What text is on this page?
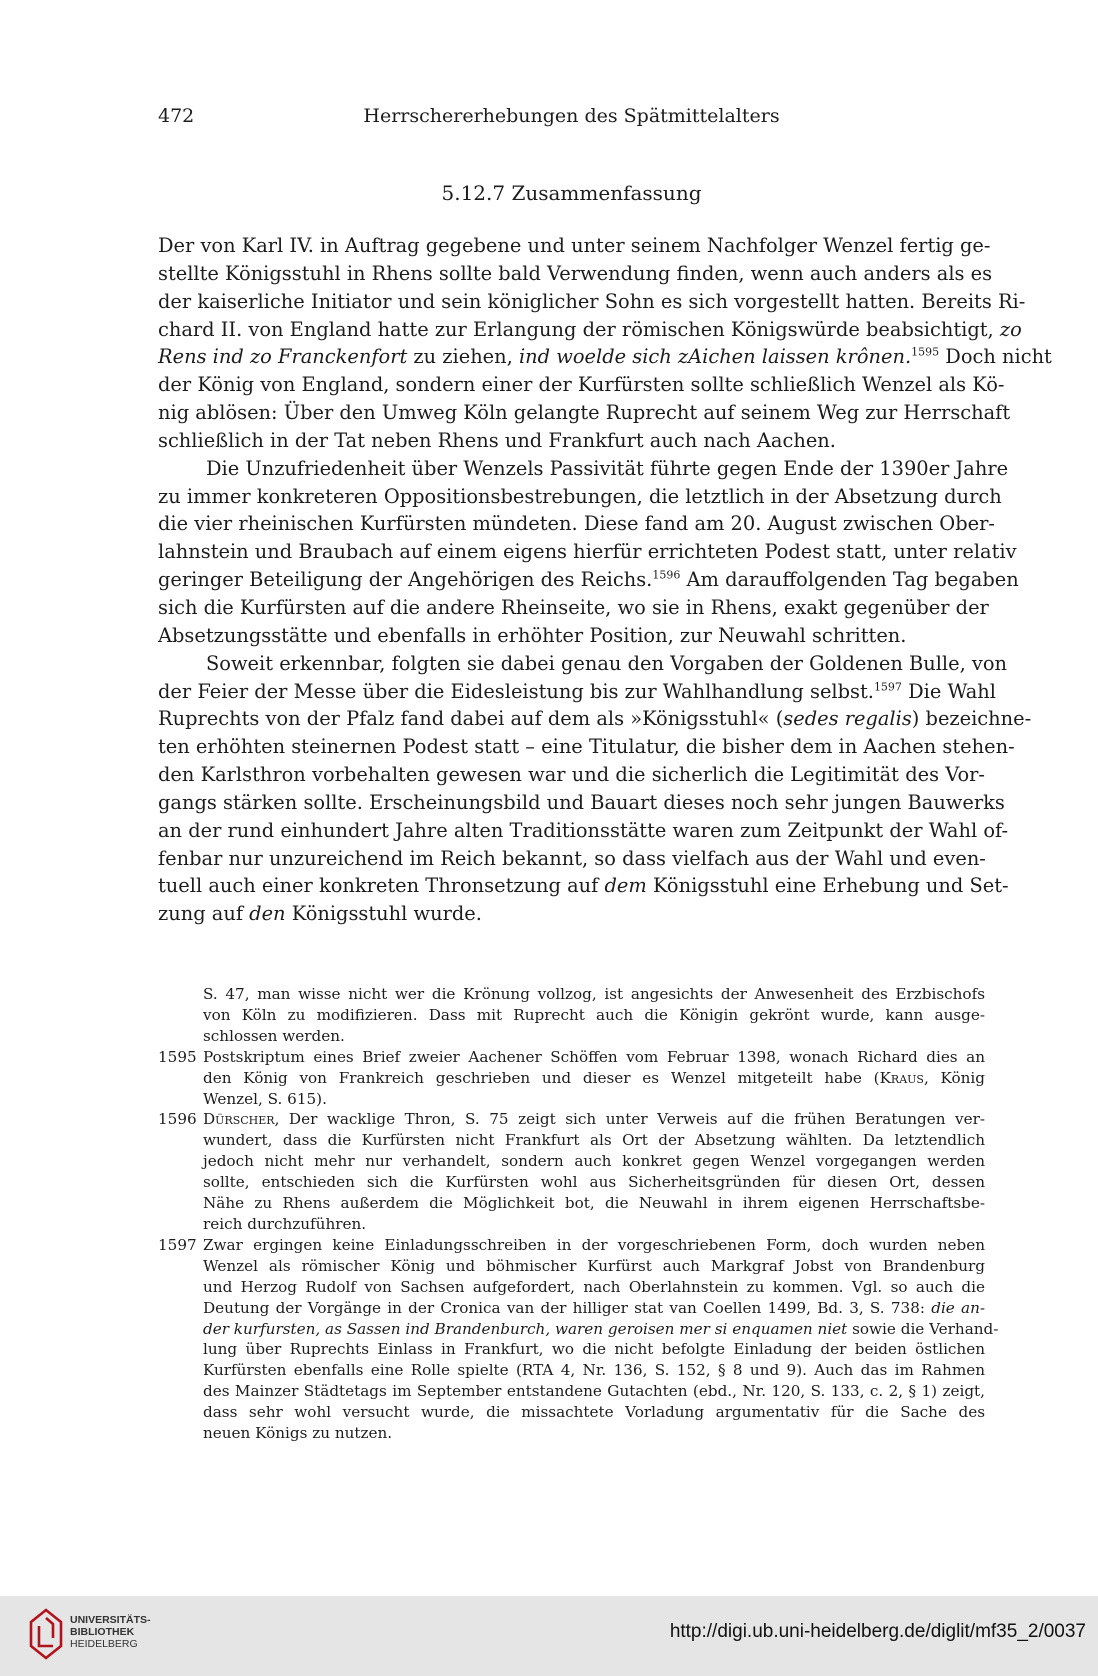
472	Herrschererhebungen des Spätmittelalters
5.12.7 Zusammenfassung

Der von Karl IV. in Auftrag gegebene und unter seinem Nachfolger Wenzel fertig ge-
stellte Königsstuhl in Rhens sollte bald Verwendung finden, wenn auch anders als es
der kaiserliche Initiator und sein königlicher Sohn es sich vorgestellt hatten. Bereits Ri-
chard II. von England hatte zur Erlangung der römischen Königswürde beabsichtigt, zo
Rens ind zo Franckenfort zu ziehen, ind woelde sich zAichen laissen krônen.$^{1595}$ Doch nicht
der König von England, sondern einer der Kurfürsten sollte schließlich Wenzel als Kö-
nig ablösen: Über den Umweg Köln gelangte Ruprecht auf seinem Weg zur Herrschaft
schließlich in der Tat neben Rhens und Frankfurt auch nach Aachen.

Die Unzufriedenheit über Wenzels Passivität führte gegen Ende der 1390er Jahre
zu immer konkreteren Oppositionsbestrebungen, die letztlich in der Absetzung durch
die vier rheinischen Kurfürsten mündeten. Diese fand am 20. August zwischen Ober-
lahnstein und Braubach auf einem eigens hierfür errichteten Podest statt, unter relativ
geringer Beteiligung der Angehörigen des Reichs.$^{1596}$ Am darauffolgenden Tag begaben
sich die Kurfürsten auf die andere Rheinseite, wo sie in Rhens, exakt gegenüber der
Absetzungsstätte und ebenfalls in erhöhter Position, zur Neuwahl schritten.

Soweit erkennbar, folgten sie dabei genau den Vorgaben der Goldenen Bulle, von
der Feier der Messe über die Eidesleistung bis zur Wahlhandlung selbst.$^{1597}$ Die Wahl
Ruprechts von der Pfalz fand dabei auf dem als »Königsstuhl« (sedes regalis) bezeichne-
ten erhöhten steinernen Podest statt – eine Titulatur, die bisher dem in Aachen stehen-
den Karlsthron vorbehalten gewesen war und die sicherlich die Legitimität des Vor-
gangs stärken sollte. Erscheinungsbild und Bauart dieses noch sehr jungen Bauwerks
an der rund einhundert Jahre alten Traditionsstätte waren zum Zeitpunkt der Wahl of-
fenbar nur unzureichend im Reich bekannt, so dass vielfach aus der Wahl und even-
tuell auch einer konkreten Thronsetzung auf dem Königsstuhl eine Erhebung und Set-
zung auf den Königsstuhl wurde.

S. 47, man wisse nicht wer die Krönung vollzog, ist angesichts der Anwesenheit des Erzbischofs
von Köln zu modifizieren. Dass mit Ruprecht auch die Königin gekrönt wurde, kann ausge-
schlossen werden.
1595 Postskriptum eines Brief zweier Aachener Schöffen vom Februar 1398, wonach Richard dies an
den König von Frankreich geschrieben und dieser es Wenzel mitgeteilt habe (Kraus, König
Wenzel, S. 615).
1596 Dürscher, Der wacklige Thron, S. 75 zeigt sich unter Verweis auf die frühen Beratungen ver-
wundert, dass die Kurfürsten nicht Frankfurt als Ort der Absetzung wählten. Da letztendlich
jedoch nicht mehr nur verhandelt, sondern auch konkret gegen Wenzel vorgegangen werden
sollte, entschieden sich die Kurfürsten wohl aus Sicherheitsgründen für diesen Ort, dessen
Nähe zu Rhens außerdem die Möglichkeit bot, die Neuwahl in ihrem eigenen Herrschaftsbe-
reich durchzuführen.
1597 Zwar ergingen keine Einladungsschreiben in der vorgeschriebenen Form, doch wurden neben
Wenzel als römischer König und böhmischer Kurfürst auch Markgraf Jobst von Brandenburg
und Herzog Rudolf von Sachsen aufgefordert, nach Oberlahnstein zu kommen. Vgl. so auch die
Deutung der Vorgänge in der Cronica van der hilliger stat van Coellen 1499, Bd. 3, S. 738: die an-
der kurfursten, as Sassen ind Brandenburch, waren geroisen mer si enquamen niet sowie die Verhand-
lung über Ruprechts Einlass in Frankfurt, wo die nicht befolgte Einladung der beiden östlichen
Kurfürsten ebenfalls eine Rolle spielte (RTA 4, Nr. 136, S. 152, § 8 und 9). Auch das im Rahmen
des Mainzer Städtetags im September entstandene Gutachten (ebd., Nr. 120, S. 133, c. 2, § 1) zeigt,
dass sehr wohl versucht wurde, die missachtete Vorladung argumentativ für die Sache des
neuen Königs zu nutzen.
UNIVERSITÄTS-
BIBLIOTHEK
HEIDELBERG
http://digi.ub.uni-heidelberg.de/diglit/mf35_2/0037
